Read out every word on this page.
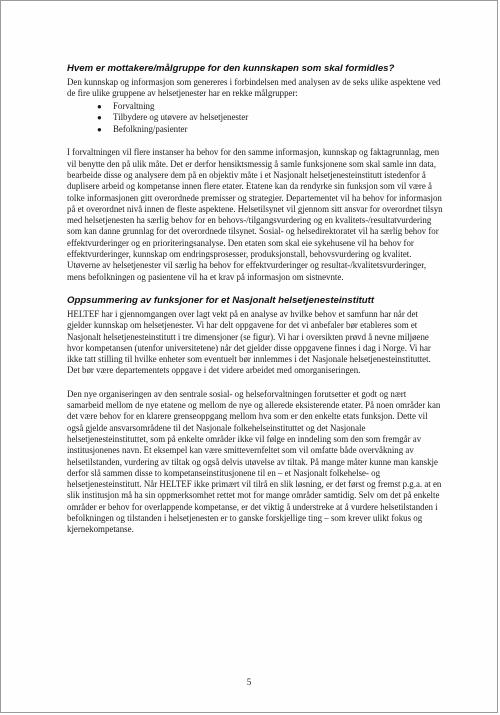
Hvem er mottakere/målgruppe for den kunnskapen som skal formidles?

Den kunnskap og informasjon som genereres i forbindelsen med analysen av de seks ulike aspektene ved de fire ulike gruppene av helsetjenester har en rekke målgrupper:

● Forvaltning
● Tilbydere og utøvere av helsetjenester
● Befolkning/pasienter

I forvaltningen vil flere instanser ha behov for den samme informasjon, kunnskap og faktagrunnlag, men vil benytte den på ulik måte. Det er derfor hensiktsmessig å samle funksjonene som skal samle inn data, bearbeide disse og analysere dem på en objektiv måte i et Nasjonalt helsetjenesteinstitutt istedenfor å duplisere arbeid og kompetanse innen flere etater. Etatene kan da rendyrke sin funksjon som vil være å tolke informasjonen gitt overordnede premisser og strategier. Departementet vil ha behov for informasjon på et overordnet nivå innen de fleste aspektene. Helsetilsynet vil gjennom sitt ansvar for overordnet tilsyn med helsetjenesten ha særlig behov for en behovs-/tilgangsvurdering og en kvalitets-/resultatvurdering som kan danne grunnlag for det overordnede tilsynet. Sosial- og helsedirektoratet vil ha særlig behov for effektvurderinger og en prioriteringsanalyse. Den etaten som skal eie sykehusene vil ha behov for effektvurderinger, kunnskap om endringsprosesser, produksjonstall, behovsvurdering og kvalitet. Utøverne av helsetjenester vil særlig ha behov for effektvurderinger og resultat-/kvalitetsvurderinger, mens befolkningen og pasientene vil ha et krav på informasjon om sistnevnte.

Oppsummering av funksjoner for et Nasjonalt helsetjenesteinstitutt

HELTEF har i gjennomgangen over lagt vekt på en analyse av hvilke behov et samfunn har når det gjelder kunnskap om helsetjenester. Vi har delt oppgavene for det vi anbefaler bør etableres som et Nasjonalt helsetjenesteinstitutt i tre dimensjoner (se figur). Vi har i oversikten prøvd å nevne miljøene hvor kompetansen (utenfor universitetene) når det gjelder disse oppgavene finnes i dag i Norge. Vi har ikke tatt stilling til hvilke enheter som eventuelt bør innlemmes i det Nasjonale helsetjenesteinstituttet. Det bør være departementets oppgave i det videre arbeidet med omorganiseringen.

Den nye organiseringen av den sentrale sosial- og helseforvaltningen forutsetter et godt og nært samarbeid mellom de nye etatene og mellom de nye og allerede eksisterende etater. På noen områder kan det være behov for en klarere grenseoppgang mellom hva som er den enkelte etats funksjon. Dette vil også gjelde ansvarsområdene til det Nasjonale folkehelseinstituttet og det Nasjonale helsetjenesteinstituttet, som på enkelte områder ikke vil følge en inndeling som den som fremgår av institusjonenes navn. Et eksempel kan være smittevernfeltet som vil omfatte både overvåkning av helsetilstanden, vurdering av tiltak og også delvis utøvelse av tiltak. På mange måter kunne man kanskje derfor slå sammen disse to kompetanseinstitusjonene til en – et Nasjonalt folkehelse- og helsetjenesteinstitutt. Når HELTEF ikke primært vil tilrå en slik løsning, er det først og fremst p.g.a. at en slik institusjon må ha sin oppmerksomhet rettet mot for mange områder samtidig. Selv om det på enkelte områder er behov for overlappende kompetanse, er det viktig å understreke at å vurdere helsetilstanden i befolkningen og tilstanden i helsetjenesten er to ganske forskjellige ting – som krever ulikt fokus og kjernekompetanse.

5
